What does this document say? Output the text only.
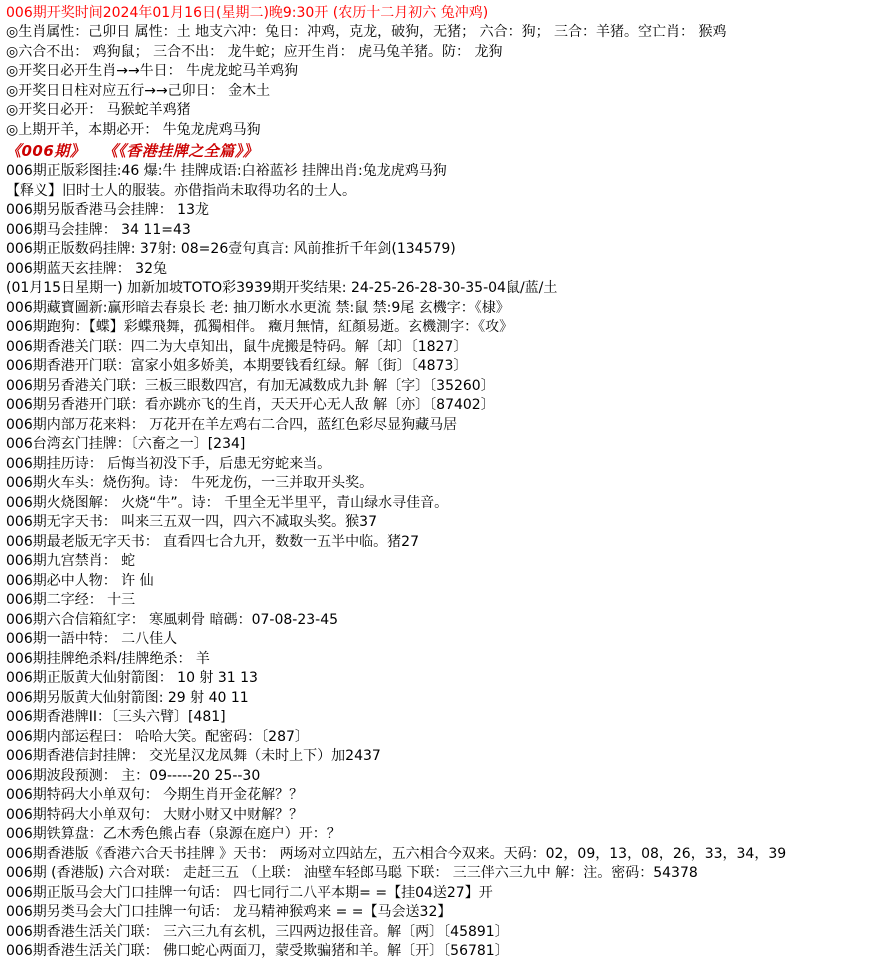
006期开奖时间2024年01月16日(星期二)晚9:30开 (农历十二月初六 兔冲鸡)
◎生肖属性：己卯日 属性：土 地支六冲：兔日：冲鸡，克龙，破狗，无猪； 六合：狗； 三合：羊猪。空亡肖： 猴鸡
◎六合不出： 鸡狗鼠； 三合不出： 龙牛蛇；应开生肖： 虎马兔羊猪。防： 龙狗
◎开奖日必开生肖→→牛日： 牛虎龙蛇马羊鸡狗
◎开奖日日柱对应五行→→己卯日： 金木土
◎开奖日必开： 马猴蛇羊鸡猪
◎上期开羊，本期必开： 牛兔龙虎鸡马狗
《006期》 《《香港挂牌之全篇》》
006期正版彩图挂:46 爆:牛 挂牌成语:白裕蓝衫 挂牌出肖:兔龙虎鸡马狗
【释义】旧时士人的服装。亦借指尚未取得功名的士人。
006期另版香港马会挂牌： 13龙
006期马会挂牌： 34 11=43
006期正版数码挂牌: 37射: 08=26壹句真言: 风前推折千年剑(134579)
006期蓝天玄挂牌： 32兔
(01月15日星期一) 加新加坡TOTO彩3939期开奖结果: 24-25-26-28-30-35-04鼠/蓝/土
006期藏寶圖新:赢形暗去春泉长 老: 抽刀断水水更流 禁:鼠 禁:9尾 玄機字：《棣》
006期跑狗：【蝶】彩蝶飛舞，孤獨相伴。 癥月無情，紅顏易逝。玄機測字：《攻》
006期香港关门联：四二为大卓知出，鼠牛虎搬是特码。解〔却〕〔1827〕
006期香港开门联：富家小姐多娇美，本期要钱看红绿。解〔街〕〔4873〕
006期另香港关门联：三板三眼数四宫，有加无减数成九卦 解〔字〕〔35260〕
006期另香港开门联：看亦跳亦飞的生肖，天天开心无人敌 解〔亦〕〔87402〕
006期内部万花来料： 万花开在羊左鸡右二合四，蓝红色彩尽显狗藏马居
006台湾玄门挂牌：〔六畜之一〕[234]
006期挂历诗： 后悔当初没下手，后患无穷蛇来当。
006期火车头：烧伤狗。诗： 牛死龙伤，一三并取开头奖。
006期火烧图解： 火烧“牛”。诗： 千里全无半里平，青山绿水寻佳音。
006期无字天书： 叫来三五双一四，四六不减取头奖。猴37
006期最老版无字天书： 直看四七合九开，数数一五半中临。猪27
006期九宫禁肖： 蛇
006期必中人物： 许 仙
006期二字经： 十三
006期六合信箱紅字： 寒風刺骨 暗碼：07-08-23-45
006期一語中特： 二八佳人
006期挂牌绝杀料/挂牌绝杀： 羊
006期正版黄大仙射箭图： 10 射 31 13
006期另版黄大仙射箭图: 29 射 40 11
006期香港牌ⅠⅠ：〔三头六臂〕[481]
006期内部运程曰： 哈哈大笑。配密码：〔287〕
006期香港信封挂牌： 交光星汉龙凤舞（未时上下）加2437
006期波段预测： 主：09-----20 25--30
006期特码大小单双句： 今期生肖开金花解？？
006期特码大小单双句： 大财小财又中财解？？
006期铁算盘：乙木秀色熊占春（泉源在庭户）开：？
006期香港版《香港六合天书挂牌 》天书： 两场对立四站左，五六相合今双来。天码：02，09，13，08，26，33，34，39
006期 (香港版) 六合对联： 走赶三五 （上联： 油壁车轻郎马聪 下联： 三三伴六三九中 解：注。密码：54378
006期正版马会大门口挂牌一句话： 四七同行二八平本期= =【挂04送27】开
006期另类马会大门口挂牌一句话： 龙马精神猴鸡来 = =【马会送32】
006期香港生活关门联： 三六三九有玄机，三四两边报佳音。解〔两〕〔45891〕
006期香港生活关门联： 佛口蛇心两面刀，蒙受欺骗猪和羊。解〔开〕〔56781〕
